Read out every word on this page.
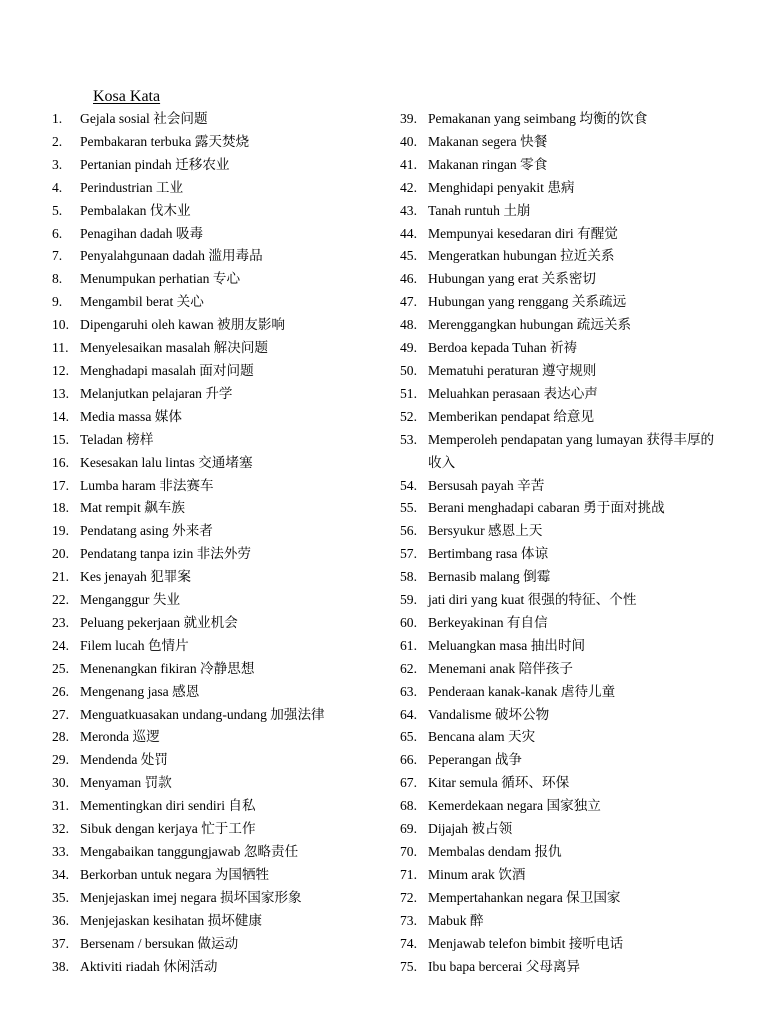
Kosa Kata
1.	Gejala sosial 社会问题
2.	Pembakaran terbuka 露天焚烧
3.	Pertanian pindah 迁移农业
4.	Perindustrian 工业
5.	Pembalakan 伐木业
6.	Penagihan dadah 吸毒
7.	Penyalahgunaan dadah 滥用毒品
8.	Menumpukan perhatian 专心
9.	Mengambil berat 关心
10. Dipengaruhi oleh kawan 被朋友影响
11. Menyelesaikan masalah 解决问题
12. Menghadapi masalah 面对问题
13. Melanjutkan pelajaran 升学
14. Media massa 媒体
15. Teladan 榜样
16. Kesesakan lalu lintas 交通堵塞
17. Lumba haram 非法赛车
18. Mat rempit 飙车族
19. Pendatang asing 外来者
20. Pendatang tanpa izin 非法外劳
21. Kes jenayah 犯罪案
22. Menganggur 失业
23. Peluang pekerjaan 就业机会
24. Filem lucah 色情片
25. Menenangkan fikiran 冷静思想
26. Mengenang jasa 感恩
27. Menguatkuasakan undang-undang 加强法律
28. Meronda 巡逻
29. Mendenda 处罚
30. Menyaman 罚款
31. Mementingkan diri sendiri 自私
32. Sibuk dengan kerjaya 忙于工作
33. Mengabaikan tanggungjawab 忽略责任
34. Berkorban untuk negara 为国牺牲
35. Menjejaskan imej negara 损坏国家形象
36. Menjejaskan kesihatan 损坏健康
37. Bersenam / bersukan 做运动
38. Aktiviti riadah 休闲活动
39. Pemakanan yang seimbang 均衡的饮食
40. Makanan segera 快餐
41. Makanan ringan 零食
42. Menghidapi penyakit 患病
43. Tanah runtuh 土崩
44. Mempunyai kesedaran diri 有醒觉
45. Mengeratkan hubungan 拉近关系
46. Hubungan yang erat 关系密切
47. Hubungan yang renggang 关系疏远
48. Merenggangkan hubungan 疏远关系
49. Berdoa kepada Tuhan 祈祷
50. Mematuhi peraturan 遵守规则
51. Meluahkan perasaan 表达心声
52. Memberikan pendapat 给意见
53. Memperoleh pendapatan yang lumayan 获得丰厚的收入
54. Bersusah payah 辛苦
55. Berani menghadapi cabaran 勇于面对挑战
56. Bersyukur 感恩上天
57. Bertimbang rasa 体谅
58. Bernasib malang 倒霉
59. jati diri yang kuat 很强的特征、个性
60. Berkeyakinan 有自信
61. Meluangkan masa 抽出时间
62. Menemani anak 陪伴孩子
63. Penderaan kanak-kanak 虐待儿童
64. Vandalisme 破坏公物
65. Bencana alam 天灾
66. Peperangan 战争
67. Kitar semula 循环、环保
68. Kemerdekaan negara 国家独立
69. Dijajah 被占领
70. Membalas dendam 报仇
71. Minum arak 饮酒
72. Mempertahankan negara 保卫国家
73. Mabuk 醉
74. Menjawab telefon bimbit 接听电话
75. Ibu bapa bercerai 父母离异
